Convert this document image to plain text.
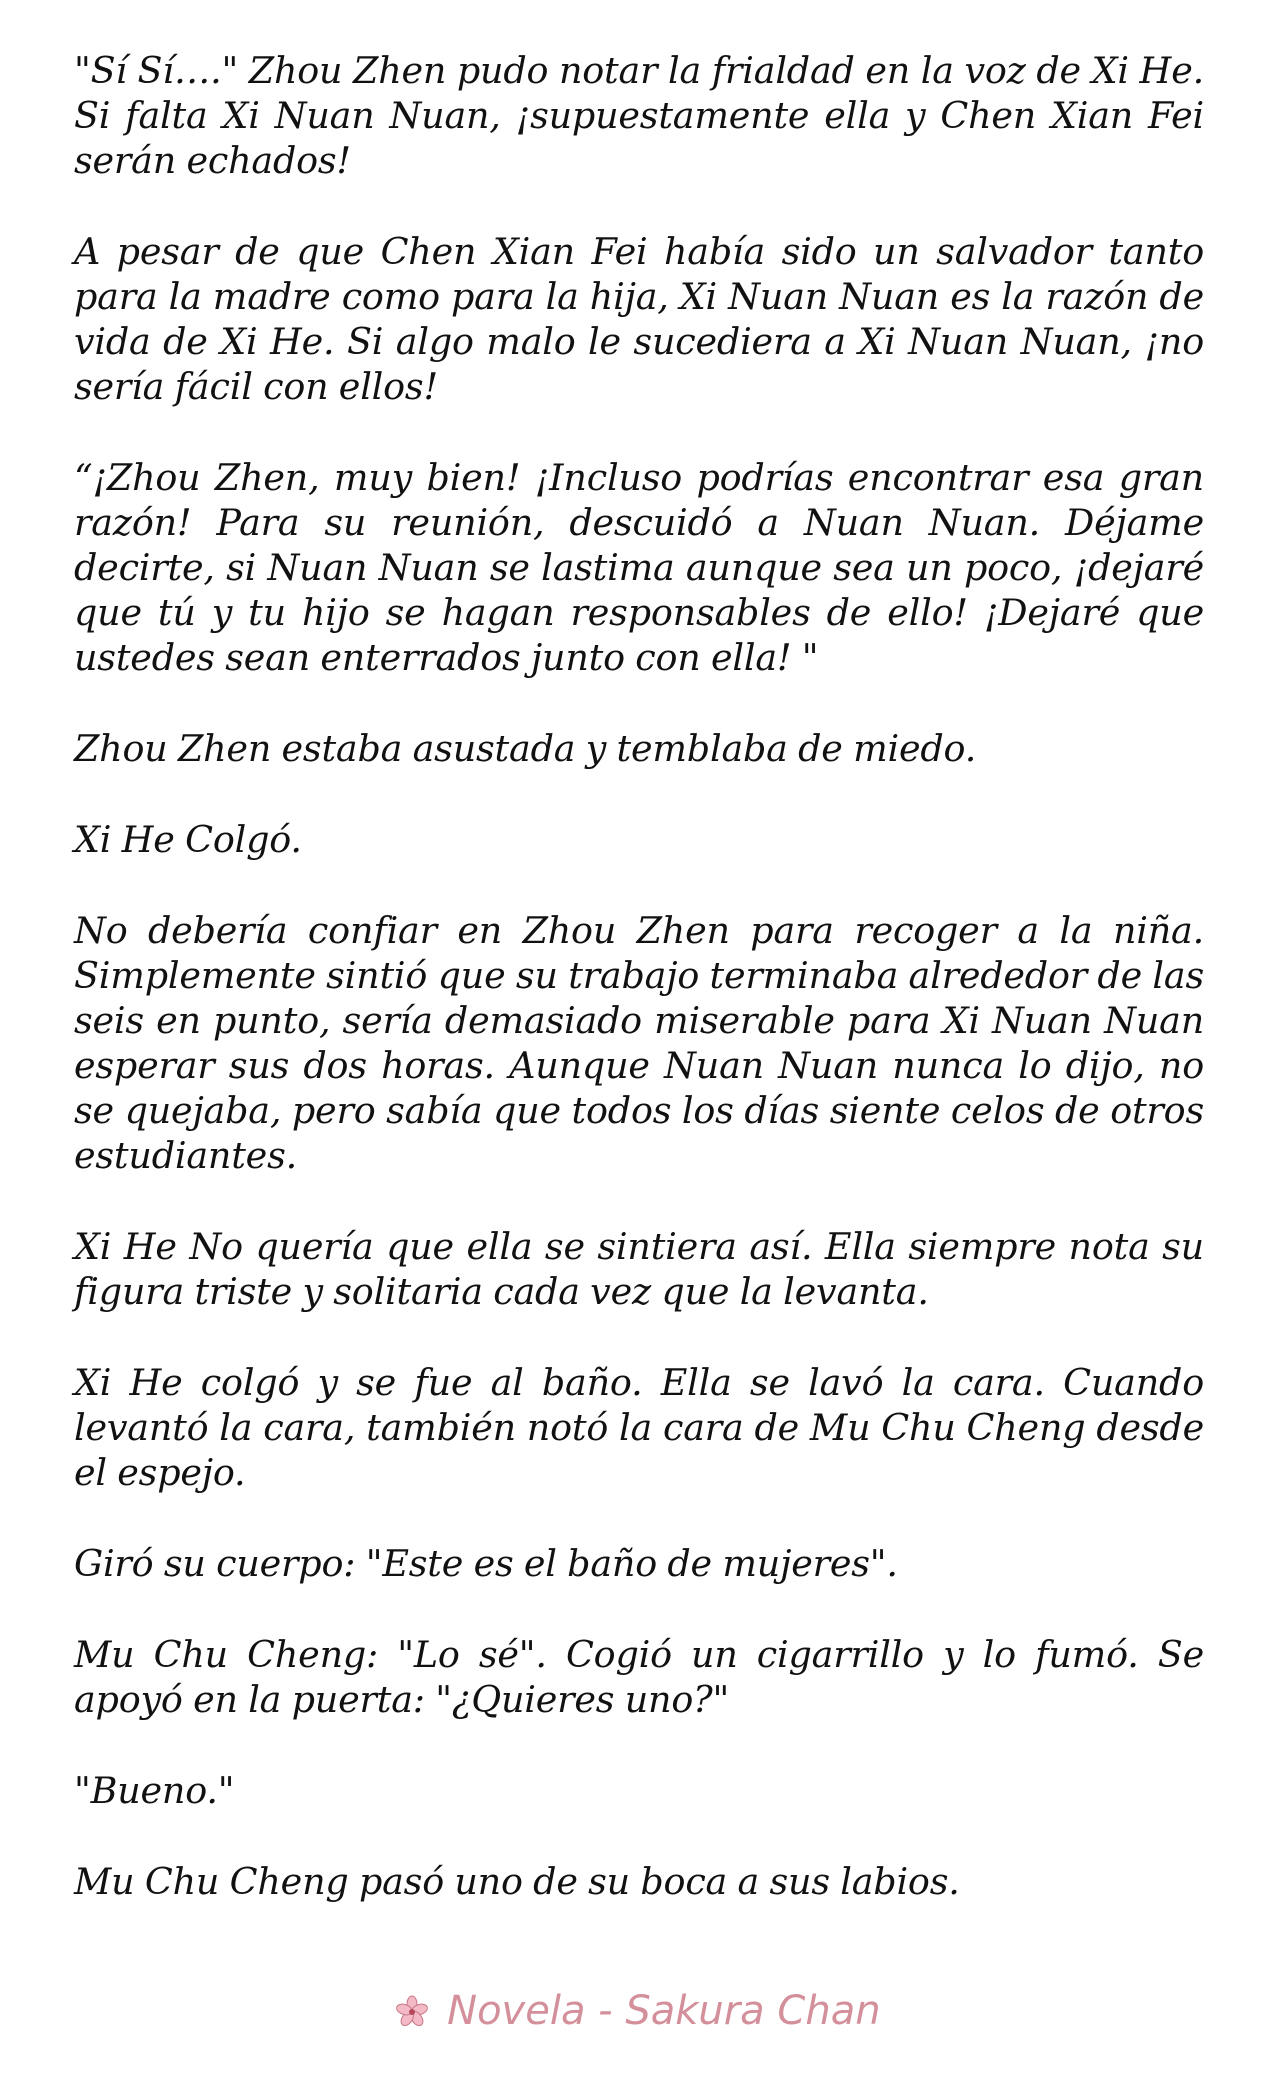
"Sí Sí…." Zhou Zhen pudo notar la frialdad en la voz de Xi He. Si falta Xi Nuan Nuan, ¡supuestamente ella y Chen Xian Fei serán echados!

A pesar de que Chen Xian Fei había sido un salvador tanto para la madre como para la hija, Xi Nuan Nuan es la razón de vida de Xi He. Si algo malo le sucediera a Xi Nuan Nuan, ¡no sería fácil con ellos!

“¡Zhou Zhen, muy bien! ¡Incluso podrías encontrar esa gran razón! Para su reunión, descuidó a Nuan Nuan. Déjame decirte, si Nuan Nuan se lastima aunque sea un poco, ¡dejaré que tú y tu hijo se hagan responsables de ello! ¡Dejaré que ustedes sean enterrados junto con ella! "

Zhou Zhen estaba asustada y temblaba de miedo.

Xi He Colgó.

No debería confiar en Zhou Zhen para recoger a la niña. Simplemente sintió que su trabajo terminaba alrededor de las seis en punto, sería demasiado miserable para Xi Nuan Nuan esperar sus dos horas. Aunque Nuan Nuan nunca lo dijo, no se quejaba, pero sabía que todos los días siente celos de otros estudiantes.

Xi He No quería que ella se sintiera así. Ella siempre nota su figura triste y solitaria cada vez que la levanta.

Xi He colgó y se fue al baño. Ella se lavó la cara. Cuando levantó la cara, también notó la cara de Mu Chu Cheng desde el espejo.

Giró su cuerpo: "Este es el baño de mujeres".

Mu Chu Cheng: "Lo sé". Cogió un cigarrillo y lo fumó. Se apoyó en la puerta: "¿Quieres uno?"

"Bueno."

Mu Chu Cheng pasó uno de su boca a sus labios.

Novela - Sakura Chan
